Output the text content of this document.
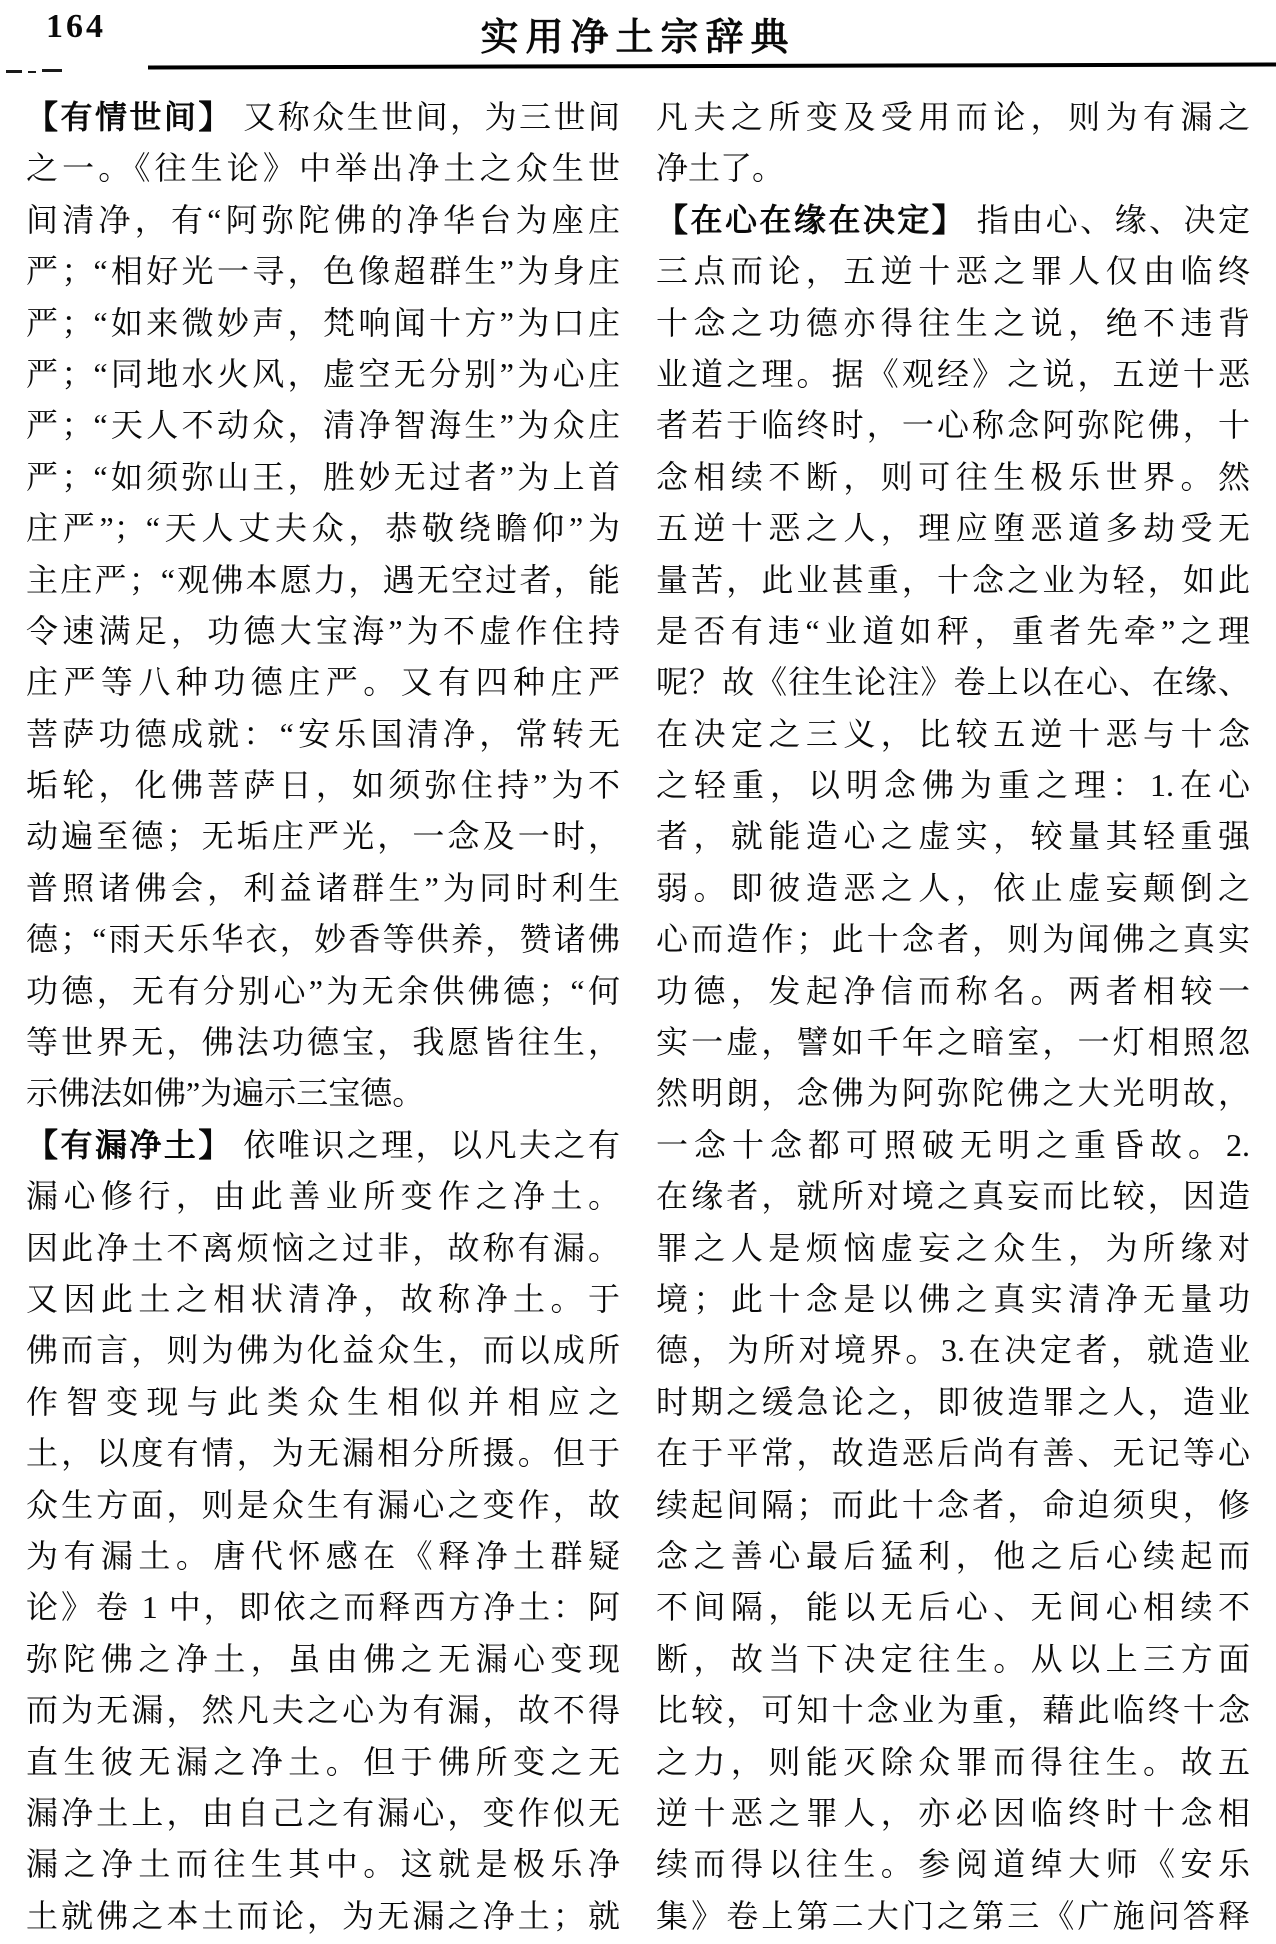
164	实用净土宗辞典
【有情世间】 又称众生世间，为三世间
之一。《往生论》中举出净土之众生世
间清净，有“阿弥陀佛的净华台为座庄
严；“相好光一寻，色像超群生”为身庄
严；“如来微妙声，梵响闻十方”为口庄
严；“同地水火风，虚空无分别”为心庄
严；“天人不动众，清净智海生”为众庄
严；“如须弥山王，胜妙无过者”为上首
庄严”；“天人丈夫众，恭敬绕瞻仰”为
主庄严；“观佛本愿力，遇无空过者，能
令速满足，功德大宝海”为不虚作住持
庄严等八种功德庄严。又有四种庄严
菩萨功德成就：“安乐国清净，常转无
垢轮，化佛菩萨日，如须弥住持”为不
动遍至德；无垢庄严光，一念及一时，
普照诸佛会，利益诸群生”为同时利生
德；“雨天乐华衣，妙香等供养，赞诸佛
功德，无有分别心”为无余供佛德；“何
等世界无，佛法功德宝，我愿皆往生，
示佛法如佛”为遍示三宝德。
【有漏净土】 依唯识之理，以凡夫之有
漏心修行，由此善业所变作之净土。
因此净土不离烦恼之过非，故称有漏。
又因此土之相状清净，故称净土。于
佛而言，则为佛为化益众生，而以成所
作智变现与此类众生相似并相应之
土，以度有情，为无漏相分所摄。但于
众生方面，则是众生有漏心之变作，故
为有漏土。唐代怀感在《释净土群疑
论》卷 1 中，即依之而释西方净土：阿
弥陀佛之净土，虽由佛之无漏心变现
而为无漏，然凡夫之心为有漏，故不得
直生彼无漏之净土。但于佛所变之无
漏净土上，由自己之有漏心，变作似无
漏之净土而往生其中。这就是极乐净
土就佛之本土而论，为无漏之净土；就
凡夫之所变及受用而论，则为有漏之
净土了。
【在心在缘在决定】 指由心、缘、决定
三点而论，五逆十恶之罪人仅由临终
十念之功德亦得往生之说，绝不违背
业道之理。据《观经》之说，五逆十恶
者若于临终时，一心称念阿弥陀佛，十
念相续不断，则可往生极乐世界。然
五逆十恶之人，理应堕恶道多劫受无
量苦，此业甚重，十念之业为轻，如此
是否有违“业道如秤，重者先牵”之理
呢？故《往生论注》卷上以在心、在缘、
在决定之三义，比较五逆十恶与十念
之轻重，以明念佛为重之理：1.在心
者，就能造心之虚实，较量其轻重强
弱。即彼造恶之人，依止虚妄颠倒之
心而造作；此十念者，则为闻佛之真实
功德，发起净信而称名。两者相较一
实一虚，譬如千年之暗室，一灯相照忽
然明朗，念佛为阿弥陀佛之大光明故，
一念十念都可照破无明之重昏故。2.
在缘者，就所对境之真妄而比较，因造
罪之人是烦恼虚妄之众生，为所缘对
境；此十念是以佛之真实清净无量功
德，为所对境界。3.在决定者，就造业
时期之缓急论之，即彼造罪之人，造业
在于平常，故造恶后尚有善、无记等心
续起间隔；而此十念者，命迫须臾，修
念之善心最后猛利，他之后心续起而
不间隔，能以无后心、无间心相续不
断，故当下决定往生。从以上三方面
比较，可知十念业为重，藉此临终十念
之力，则能灭除众罪而得往生。故五
逆十恶之罪人，亦必因临终时十念相
续而得以往生。参阅道绰大师《安乐
集》卷上第二大门之第三《广施问答释
